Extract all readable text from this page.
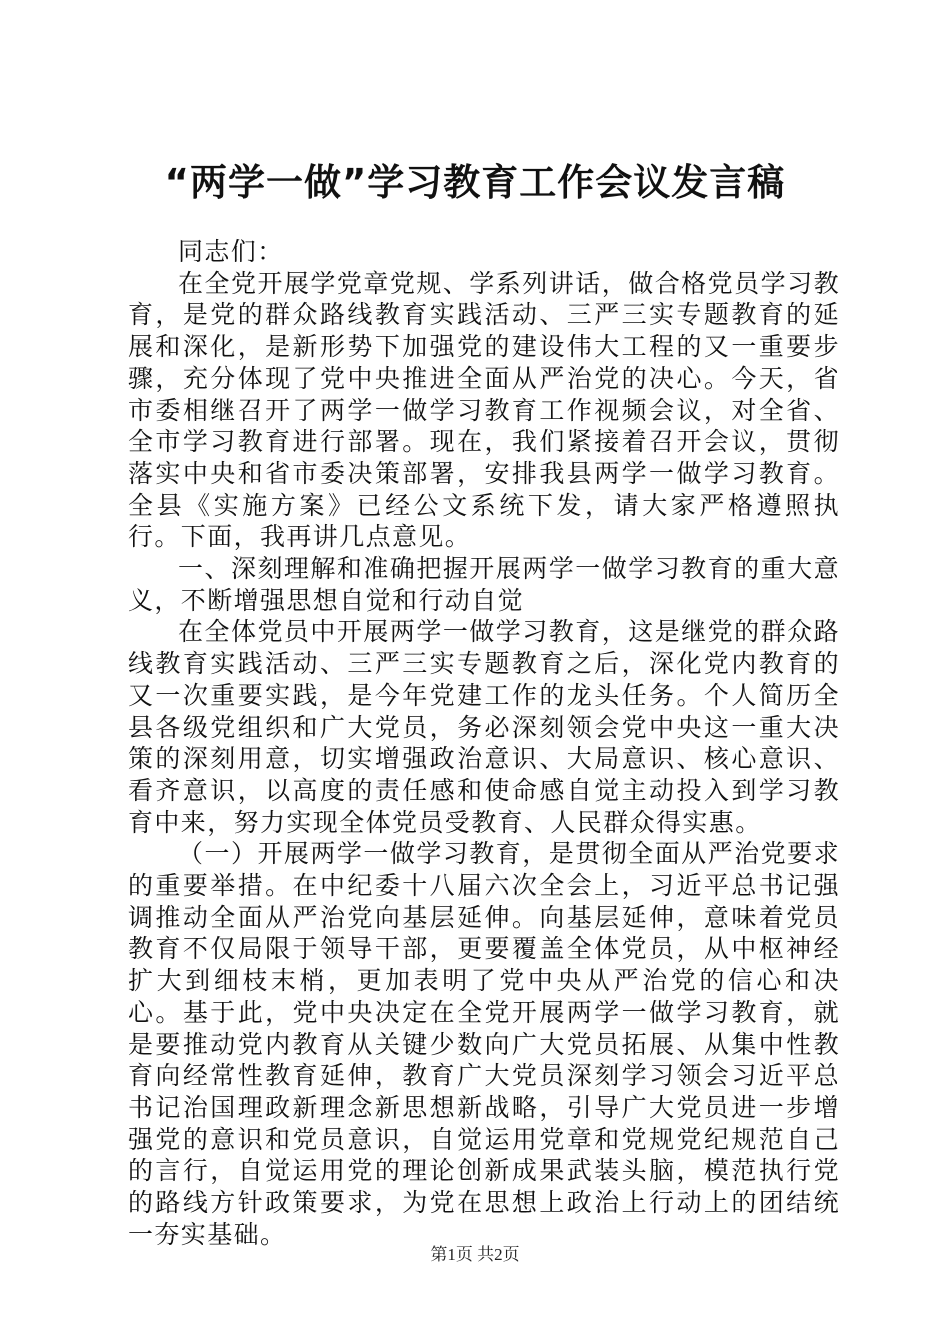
“两学一做”学习教育工作会议发言稿

同志们：

在全党开展学党章党规、学系列讲话，做合格党员学习教育，是党的群众路线教育实践活动、三严三实专题教育的延展和深化，是新形势下加强党的建设伟大工程的又一重要步骤，充分体现了党中央推进全面从严治党的决心。今天，省市委相继召开了两学一做学习教育工作视频会议，对全省、全市学习教育进行部署。现在，我们紧接着召开会议，贯彻落实中央和省市委决策部署，安排我县两学一做学习教育。全县《实施方案》已经公文系统下发，请大家严格遵照执行。下面，我再讲几点意见。

一、深刻理解和准确把握开展两学一做学习教育的重大意义，不断增强思想自觉和行动自觉

在全体党员中开展两学一做学习教育，这是继党的群众路线教育实践活动、三严三实专题教育之后，深化党内教育的又一次重要实践，是今年党建工作的龙头任务。个人简历全县各级党组织和广大党员，务必深刻领会党中央这一重大决策的深刻用意，切实增强政治意识、大局意识、核心意识、看齐意识，以高度的责任感和使命感自觉主动投入到学习教育中来，努力实现全体党员受教育、人民群众得实惠。

（一）开展两学一做学习教育，是贯彻全面从严治党要求的重要举措。在中纪委十八届六次全会上，习近平总书记强调推动全面从严治党向基层延伸。向基层延伸，意味着党员教育不仅局限于领导干部，更要覆盖全体党员，从中枢神经扩大到细枝末梢，更加表明了党中央从严治党的信心和决心。基于此，党中央决定在全党开展两学一做学习教育，就是要推动党内教育从关键少数向广大党员拓展、从集中性教育向经常性教育延伸，教育广大党员深刻学习领会习近平总书记治国理政新理念新思想新战略，引导广大党员进一步增强党的意识和党员意识，自觉运用党章和党规党纪规范自己的言行，自觉运用党的理论创新成果武装头脑，模范执行党的路线方针政策要求，为党在思想上政治上行动上的团结统一夯实基础。

第1页 共2页
